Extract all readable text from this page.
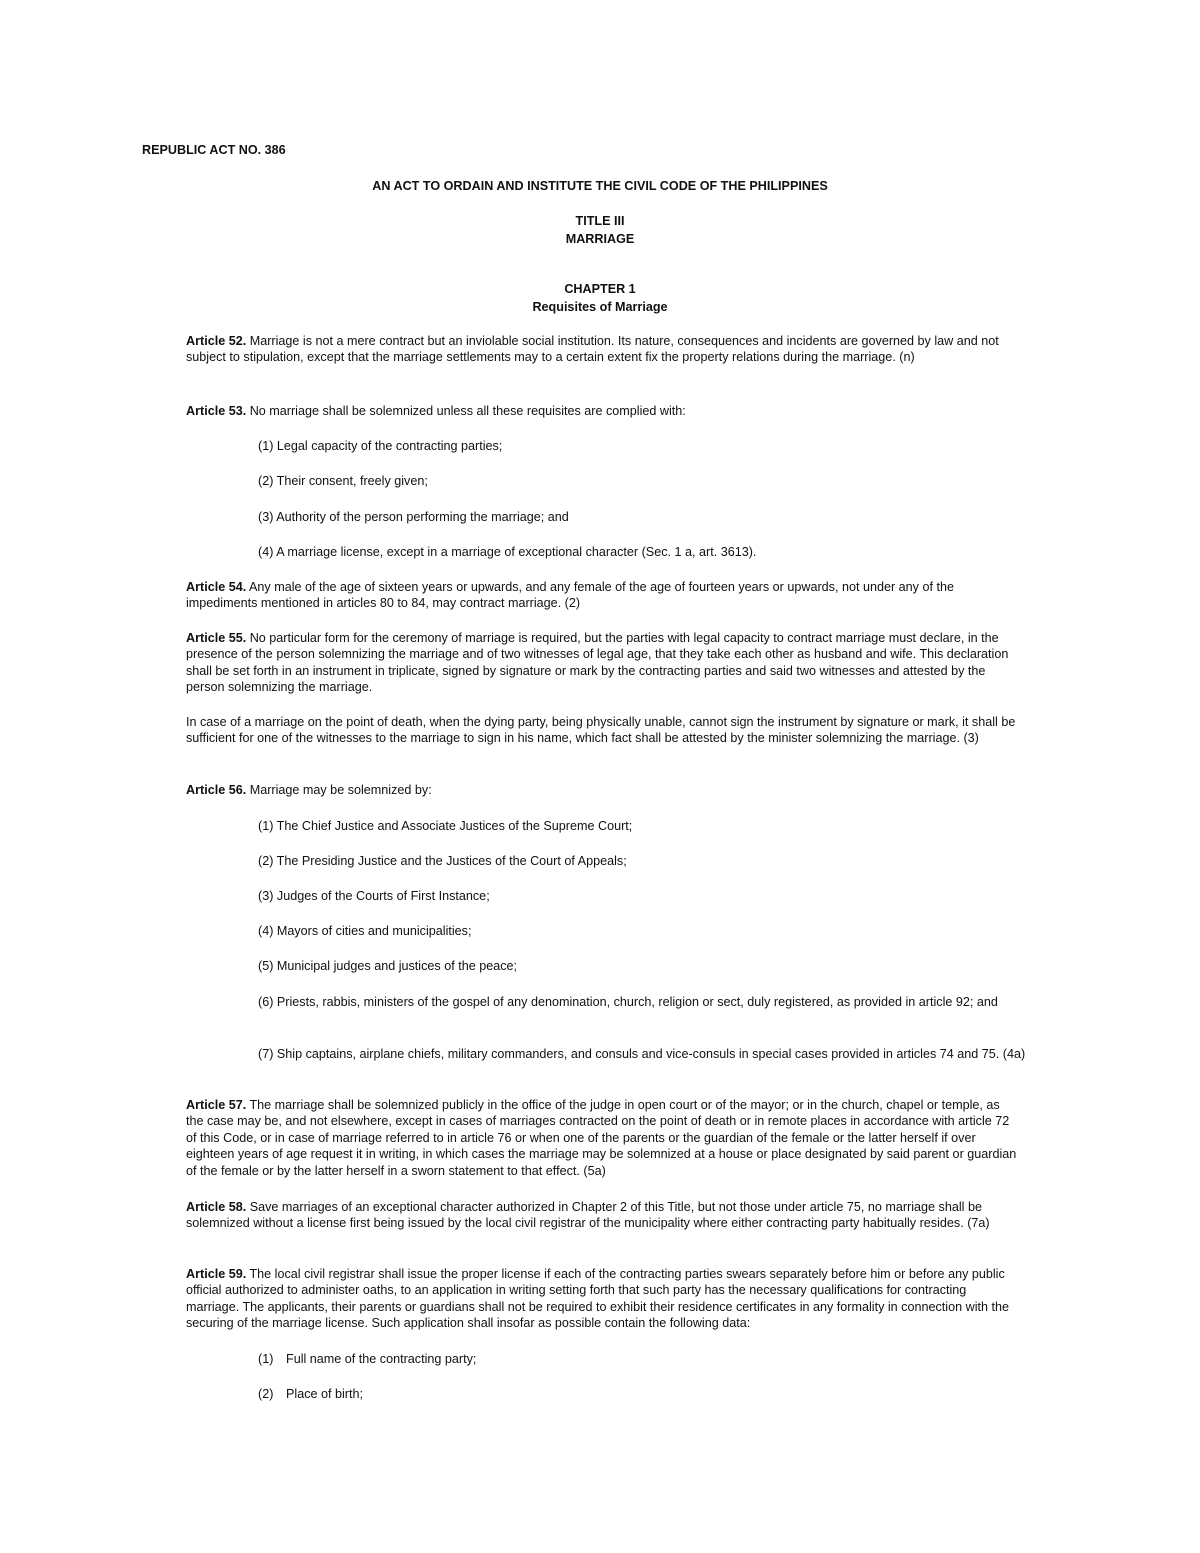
REPUBLIC ACT NO. 386
AN ACT TO ORDAIN AND INSTITUTE THE CIVIL CODE OF THE PHILIPPINES
TITLE III
MARRIAGE
CHAPTER 1
Requisites of Marriage
Article 52. Marriage is not a mere contract but an inviolable social institution. Its nature, consequences and incidents are governed by law and not subject to stipulation, except that the marriage settlements may to a certain extent fix the property relations during the marriage. (n)
Article 53. No marriage shall be solemnized unless all these requisites are complied with:
(1) Legal capacity of the contracting parties;
(2) Their consent, freely given;
(3) Authority of the person performing the marriage; and
(4) A marriage license, except in a marriage of exceptional character (Sec. 1 a, art. 3613).
Article 54. Any male of the age of sixteen years or upwards, and any female of the age of fourteen years or upwards, not under any of the impediments mentioned in articles 80 to 84, may contract marriage. (2)
Article 55. No particular form for the ceremony of marriage is required, but the parties with legal capacity to contract marriage must declare, in the presence of the person solemnizing the marriage and of two witnesses of legal age, that they take each other as husband and wife. This declaration shall be set forth in an instrument in triplicate, signed by signature or mark by the contracting parties and said two witnesses and attested by the person solemnizing the marriage.
In case of a marriage on the point of death, when the dying party, being physically unable, cannot sign the instrument by signature or mark, it shall be sufficient for one of the witnesses to the marriage to sign in his name, which fact shall be attested by the minister solemnizing the marriage. (3)
Article 56. Marriage may be solemnized by:
(1) The Chief Justice and Associate Justices of the Supreme Court;
(2) The Presiding Justice and the Justices of the Court of Appeals;
(3) Judges of the Courts of First Instance;
(4) Mayors of cities and municipalities;
(5) Municipal judges and justices of the peace;
(6) Priests, rabbis, ministers of the gospel of any denomination, church, religion or sect, duly registered, as provided in article 92; and
(7) Ship captains, airplane chiefs, military commanders, and consuls and vice-consuls in special cases provided in articles 74 and 75. (4a)
Article 57. The marriage shall be solemnized publicly in the office of the judge in open court or of the mayor; or in the church, chapel or temple, as the case may be, and not elsewhere, except in cases of marriages contracted on the point of death or in remote places in accordance with article 72 of this Code, or in case of marriage referred to in article 76 or when one of the parents or the guardian of the female or the latter herself if over eighteen years of age request it in writing, in which cases the marriage may be solemnized at a house or place designated by said parent or guardian of the female or by the latter herself in a sworn statement to that effect. (5a)
Article 58. Save marriages of an exceptional character authorized in Chapter 2 of this Title, but not those under article 75, no marriage shall be solemnized without a license first being issued by the local civil registrar of the municipality where either contracting party habitually resides. (7a)
Article 59. The local civil registrar shall issue the proper license if each of the contracting parties swears separately before him or before any public official authorized to administer oaths, to an application in writing setting forth that such party has the necessary qualifications for contracting marriage. The applicants, their parents or guardians shall not be required to exhibit their residence certificates in any formality in connection with the securing of the marriage license. Such application shall insofar as possible contain the following data:
(1) Full name of the contracting party;
(2) Place of birth;
